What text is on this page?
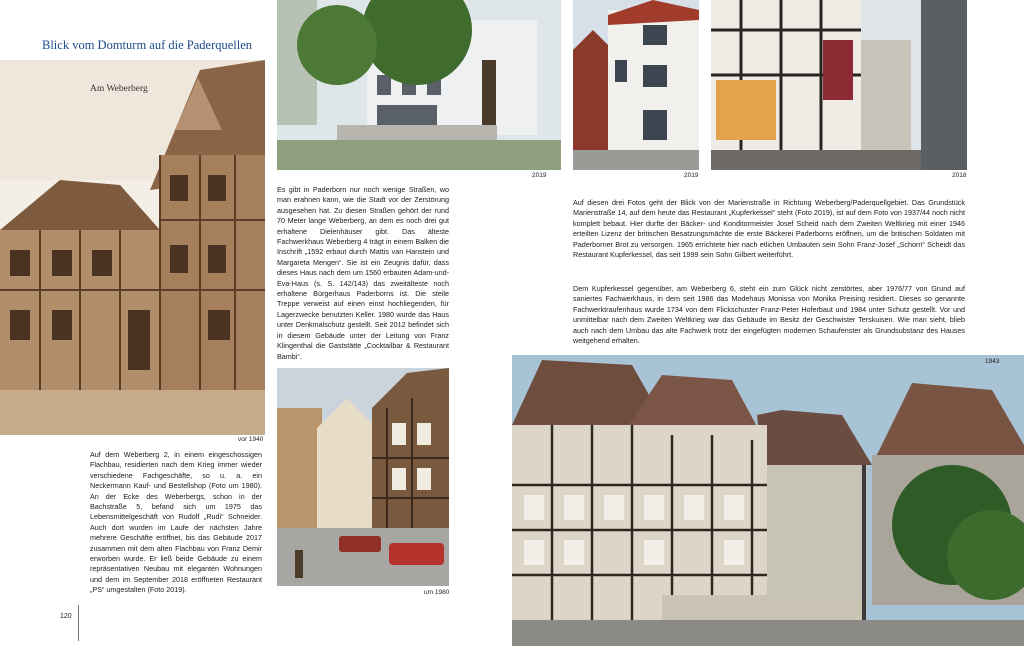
Blick vom Domturm auf die Paderquellen
Am Weberberg
vor 1940
Auf dem Weberberg 2, in einem eingeschossigen Flachbau, residierten nach dem Krieg immer wieder verschiedene Fachgeschäfte, so u. a. ein Neckermann Kauf- und Bestellshop (Foto um 1980). An der Ecke des Weberbergs, schon in der Bachstraße 5, befand sich um 1975 das Lebensmittelgeschäft von Rudolf „Rudi“ Schneider. Auch dort wurden im Laufe der nächsten Jahre mehrere Geschäfte eröffnet, bis das Gebäude 2017 zusammen mit dem alten Flachbau von Franz Demir erworben wurde. Er ließ beide Gebäude zu einem repräsentativen Neubau mit eleganten Wohnungen und dem im September 2018 eröffneten Restaurant „PS“ umgestalten (Foto 2019).
120
2019
Es gibt in Paderborn nur noch wenige Straßen, wo man erahnen kann, wie die Stadt vor der Zerstörung ausgesehen hat. Zu diesen Straßen gehört der rund 70 Meter lange Weberberg, an dem es noch drei gut erhaltene Dielenhäuser gibt. Das älteste Fachwerkhaus Weberberg 4 trägt in einem Balken die Inschrift „1592 erbaut durch Mattis van Hanstein und Margareta Mengen“. Sie ist ein Zeugnis dafür, dass dieses Haus nach dem um 1560 erbauten Adam-und-Eva-Haus (s. S. 142/143) das zweitälteste noch erhaltene Bürgerhaus Paderborns ist. Die steile Treppe verweist auf einen einst hochliegenden, für Lagerzwecke benutzten Keller. 1980 wurde das Haus unter Denkmalschutz gestellt. Seit 2012 befindet sich in diesem Gebäude unter der Leitung von Franz Klingenthal die Gaststätte „Cocktailbar & Restaurant Bambi“.
um 1980
2019	2018
Auf diesen drei Fotos geht der Blick von der Marienstraße in Richtung Weberberg/Paderquellgebiet. Das Grundstück Marienstraße 14, auf dem heute das Restaurant „Kupferkessel“ steht (Foto 2019), ist auf dem Foto von 1937/44 noch nicht komplett bebaut. Hier durfte der Bäcker- und Konditormeister Josef Scheid nach dem Zweiten Weltkrieg mit einer 1946 erteilten Lizenz der britischen Besatzungsmächte die erste Bäckerei Paderborns eröffnen, um die britischen Soldaten mit Paderborner Brot zu versorgen. 1965 errichtete hier nach etlichen Umbauten sein Sohn Franz-Josef „Schorri“ Scheidt das Restaurant Kupferkessel, das seit 1999 sein Sohn Gilbert weiterführt.
Dem Kupferkessel gegenüber, am Weberberg 6, steht ein zum Glück nicht zerstörtes, aber 1976/77 von Grund auf saniertes Fachwerkhaus, in dem seit 1986 das Modehaus Monissa von Monika Preising residiert. Dieses so genannte Fachwerktraufenhaus wurde 1734 von dem Flickschuster Franz-Peter Hoferbaut und 1984 unter Schutz gestellt. Vor und unmittelbar nach dem Zweiten Weltkrieg war das Gebäude im Besitz der Geschwister Terskuisen. Wie man sieht, blieb auch nach dem Umbau das alte Fachwerk trotz der eingefügten modernen Schaufenster als Grundsubstanz des Hauses weitgehend erhalten.
1943
